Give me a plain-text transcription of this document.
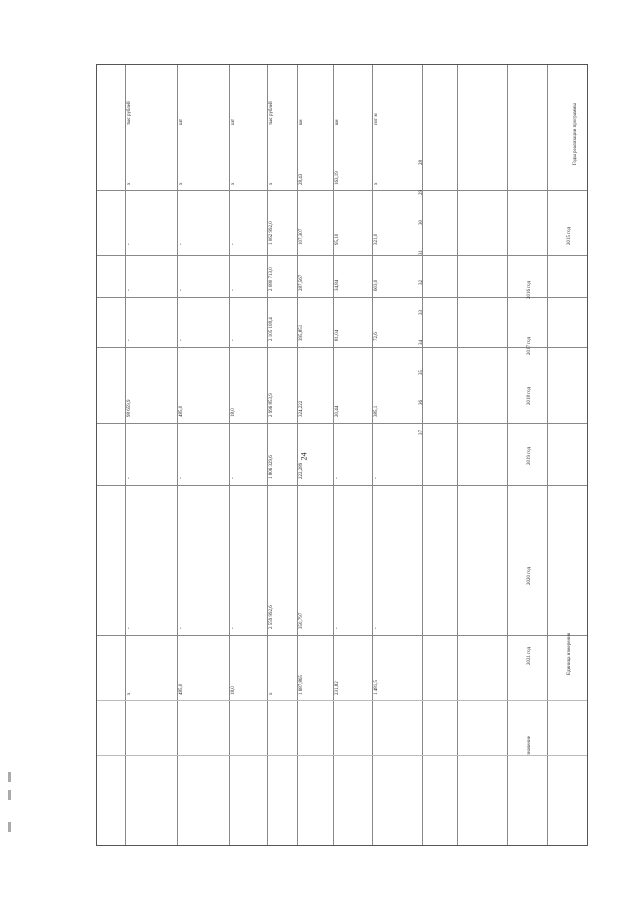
24
Годы реализации программы
2015 год
2016 год
2017 год
2018 год
2019 год
2020 год
2021 год
значение
Единица измерения
тыс рублей
х
-
-
-
98 659,9
-
-
х
шт
х
-
-
-
485,0
-
-
485,0
шт
х
-
-
-
18,0
-
-
18,0
тыс рублей
х
1 062 992,0
2 080 713,0
2 105 108,4
2 996 853,9
1 806 329,6
2 559 992,6
х
км
28,43
107,307
287,567
395,851
324,222
222,289
350,797
1 687,865
км
163,19
95,10
34,84
81,04
20,44
-
-
231,82
пог м
х
321,0
603,0
72,6
385,1
-
-
1 481,5
28
29
30
31
32
33
34
35
36
37
